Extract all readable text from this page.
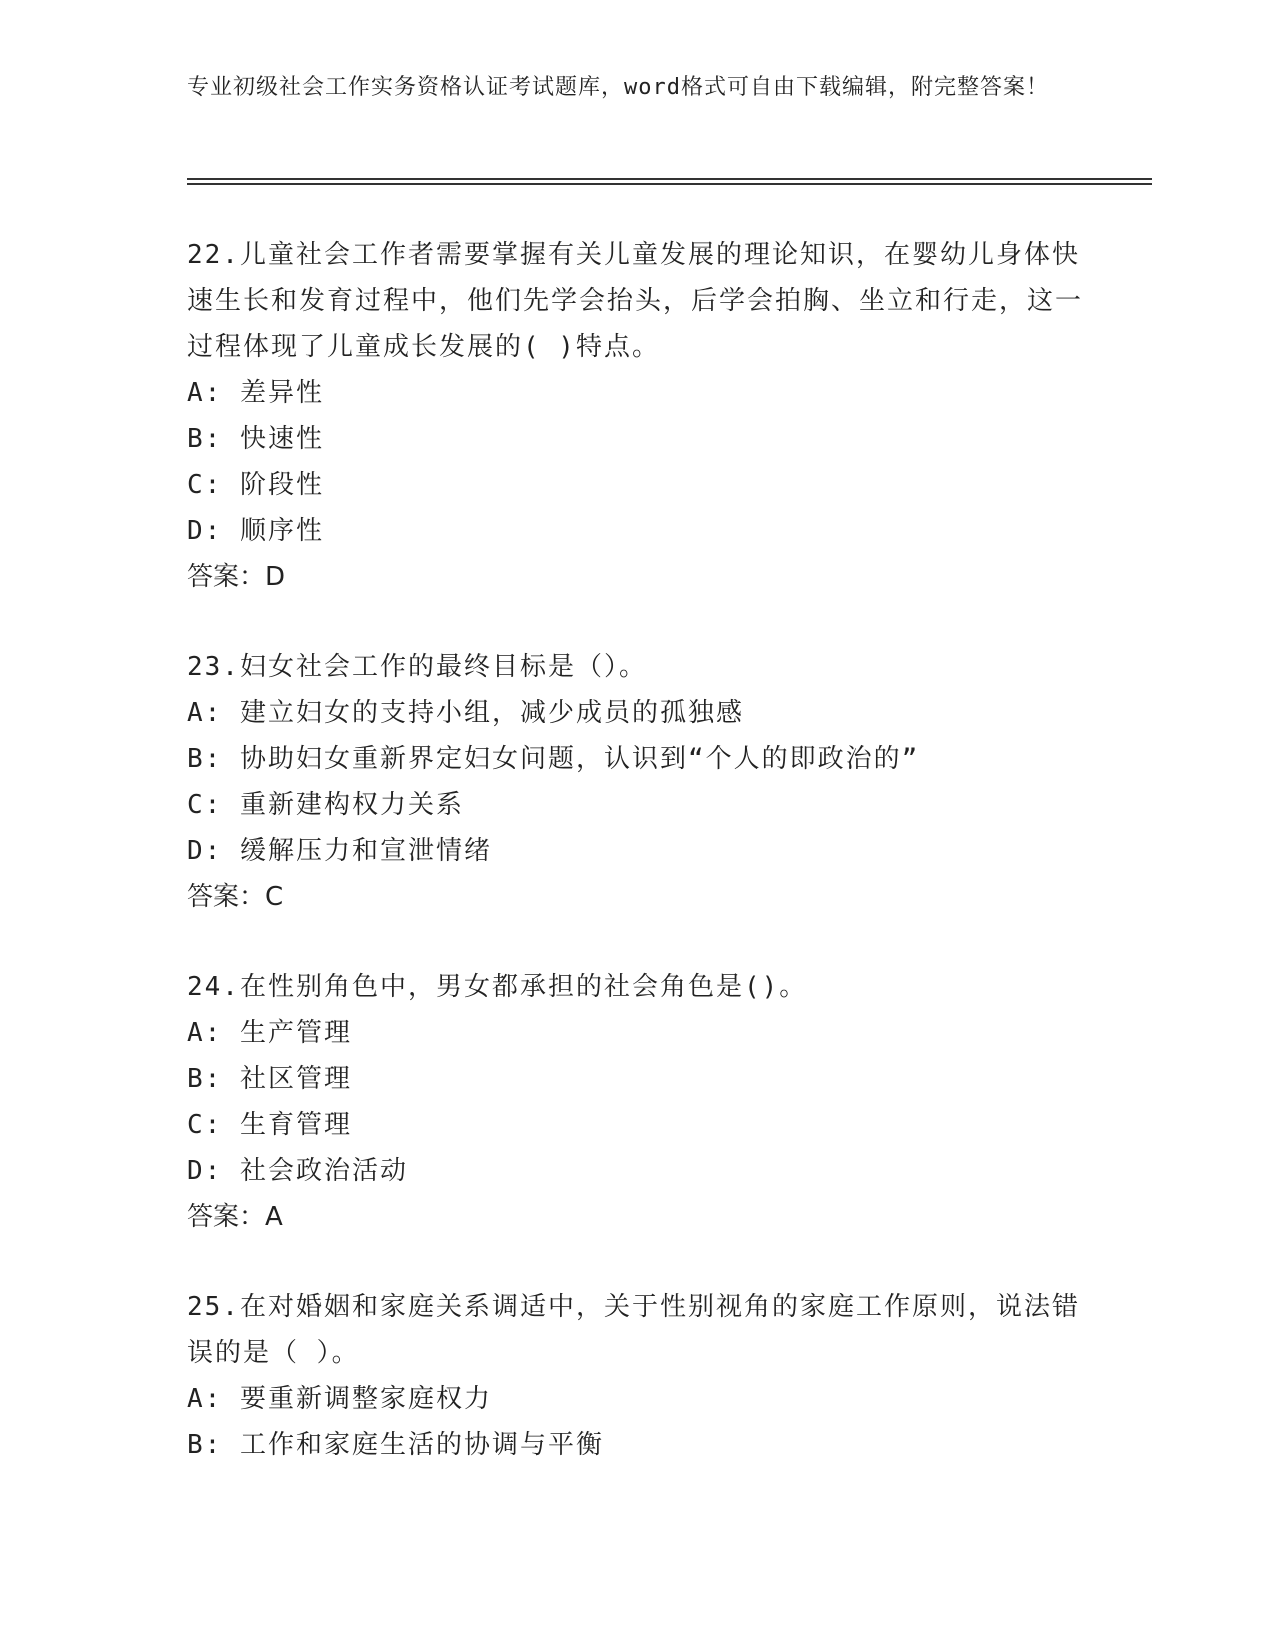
专业初级社会工作实务资格认证考试题库，word格式可自由下载编辑，附完整答案！

22.儿童社会工作者需要掌握有关儿童发展的理论知识，在婴幼儿身体快速生长和发育过程中，他们先学会抬头，后学会拍胸、坐立和行走，这一过程体现了儿童成长发展的( )特点。

A: 差异性

B: 快速性

C: 阶段性

D: 顺序性

答案：D

23.妇女社会工作的最终目标是（）。

A: 建立妇女的支持小组，减少成员的孤独感

B: 协助妇女重新界定妇女问题，认识到“个人的即政治的”

C: 重新建构权力关系

D: 缓解压力和宣泄情绪

答案：C

24.在性别角色中，男女都承担的社会角色是()。

A: 生产管理

B: 社区管理

C: 生育管理

D: 社会政治活动

答案：A

25.在对婚姻和家庭关系调适中，关于性别视角的家庭工作原则，说法错误的是（ ）。

A: 要重新调整家庭权力

B: 工作和家庭生活的协调与平衡
